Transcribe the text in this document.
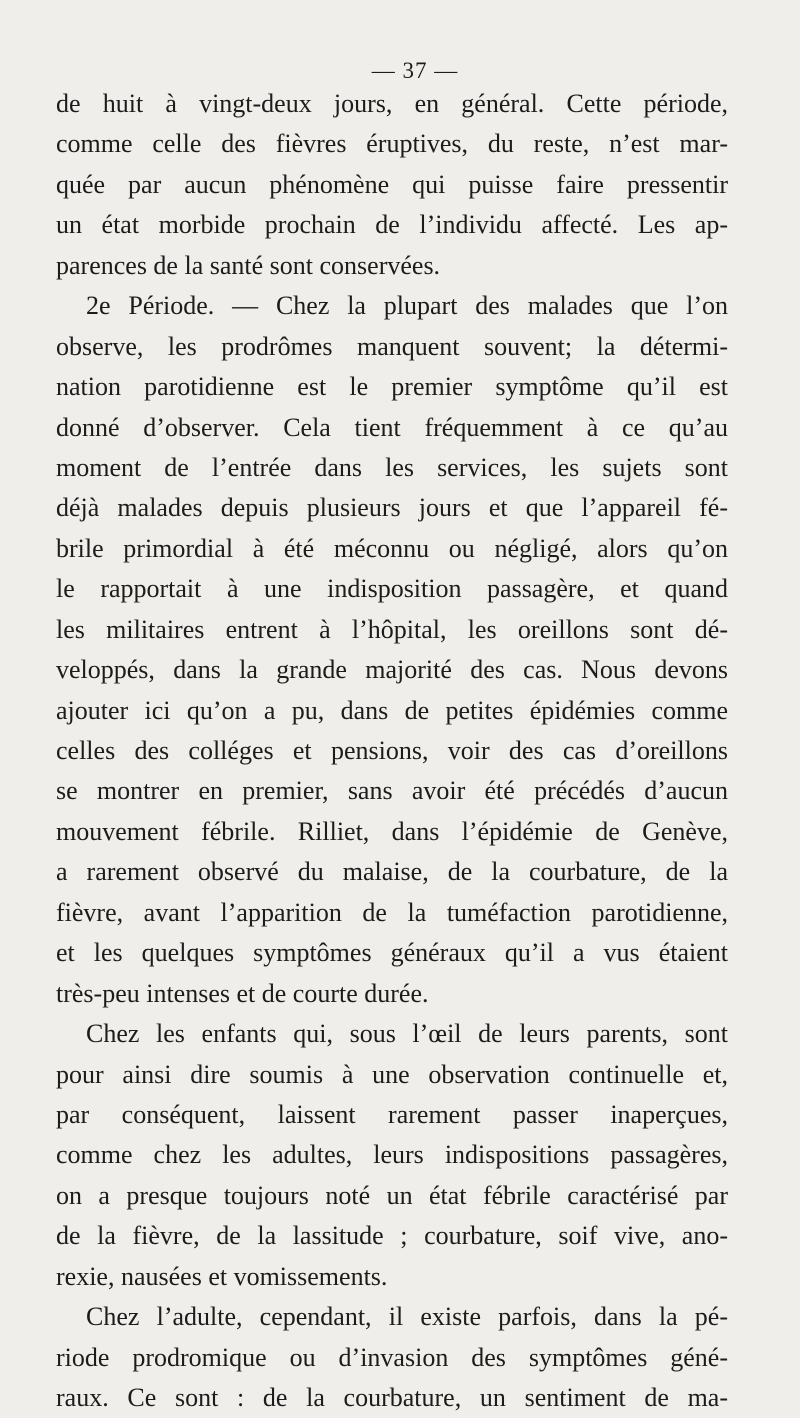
— 37 —
de huit à vingt-deux jours, en général. Cette période,
comme celle des fièvres éruptives, du reste, n’est mar-
quée par aucun phénomène qui puisse faire pressentir
un état morbide prochain de l’individu affecté. Les ap-
parences de la santé sont conservées.
2e Période. — Chez la plupart des malades que l’on
observe, les prodrômes manquent souvent; la détermi-
nation parotidienne est le premier symptôme qu’il est
donné d’observer. Cela tient fréquemment à ce qu’au
moment de l’entrée dans les services, les sujets sont
déjà malades depuis plusieurs jours et que l’appareil fé-
brile primordial à été méconnu ou négligé, alors qu’on
le rapportait à une indisposition passagère, et quand
les militaires entrent à l’hôpital, les oreillons sont dé-
veloppés, dans la grande majorité des cas. Nous devons
ajouter ici qu’on a pu, dans de petites épidémies comme
celles des colléges et pensions, voir des cas d’oreillons
se montrer en premier, sans avoir été précédés d’aucun
mouvement fébrile. Rilliet, dans l’épidémie de Genève,
a rarement observé du malaise, de la courbature, de la
fièvre, avant l’apparition de la tuméfaction parotidienne,
et les quelques symptômes généraux qu’il a vus étaient
très-peu intenses et de courte durée.
Chez les enfants qui, sous l’œil de leurs parents, sont
pour ainsi dire soumis à une observation continuelle et,
par conséquent, laissent rarement passer inaperçues,
comme chez les adultes, leurs indispositions passagères,
on a presque toujours noté un état fébrile caractérisé par
de la fièvre, de la lassitude ; courbature, soif vive, ano-
rexie, nausées et vomissements.
Chez l’adulte, cependant, il existe parfois, dans la pé-
riode prodromique ou d’invasion des symptômes géné-
raux. Ce sont : de la courbature, un sentiment de ma-
